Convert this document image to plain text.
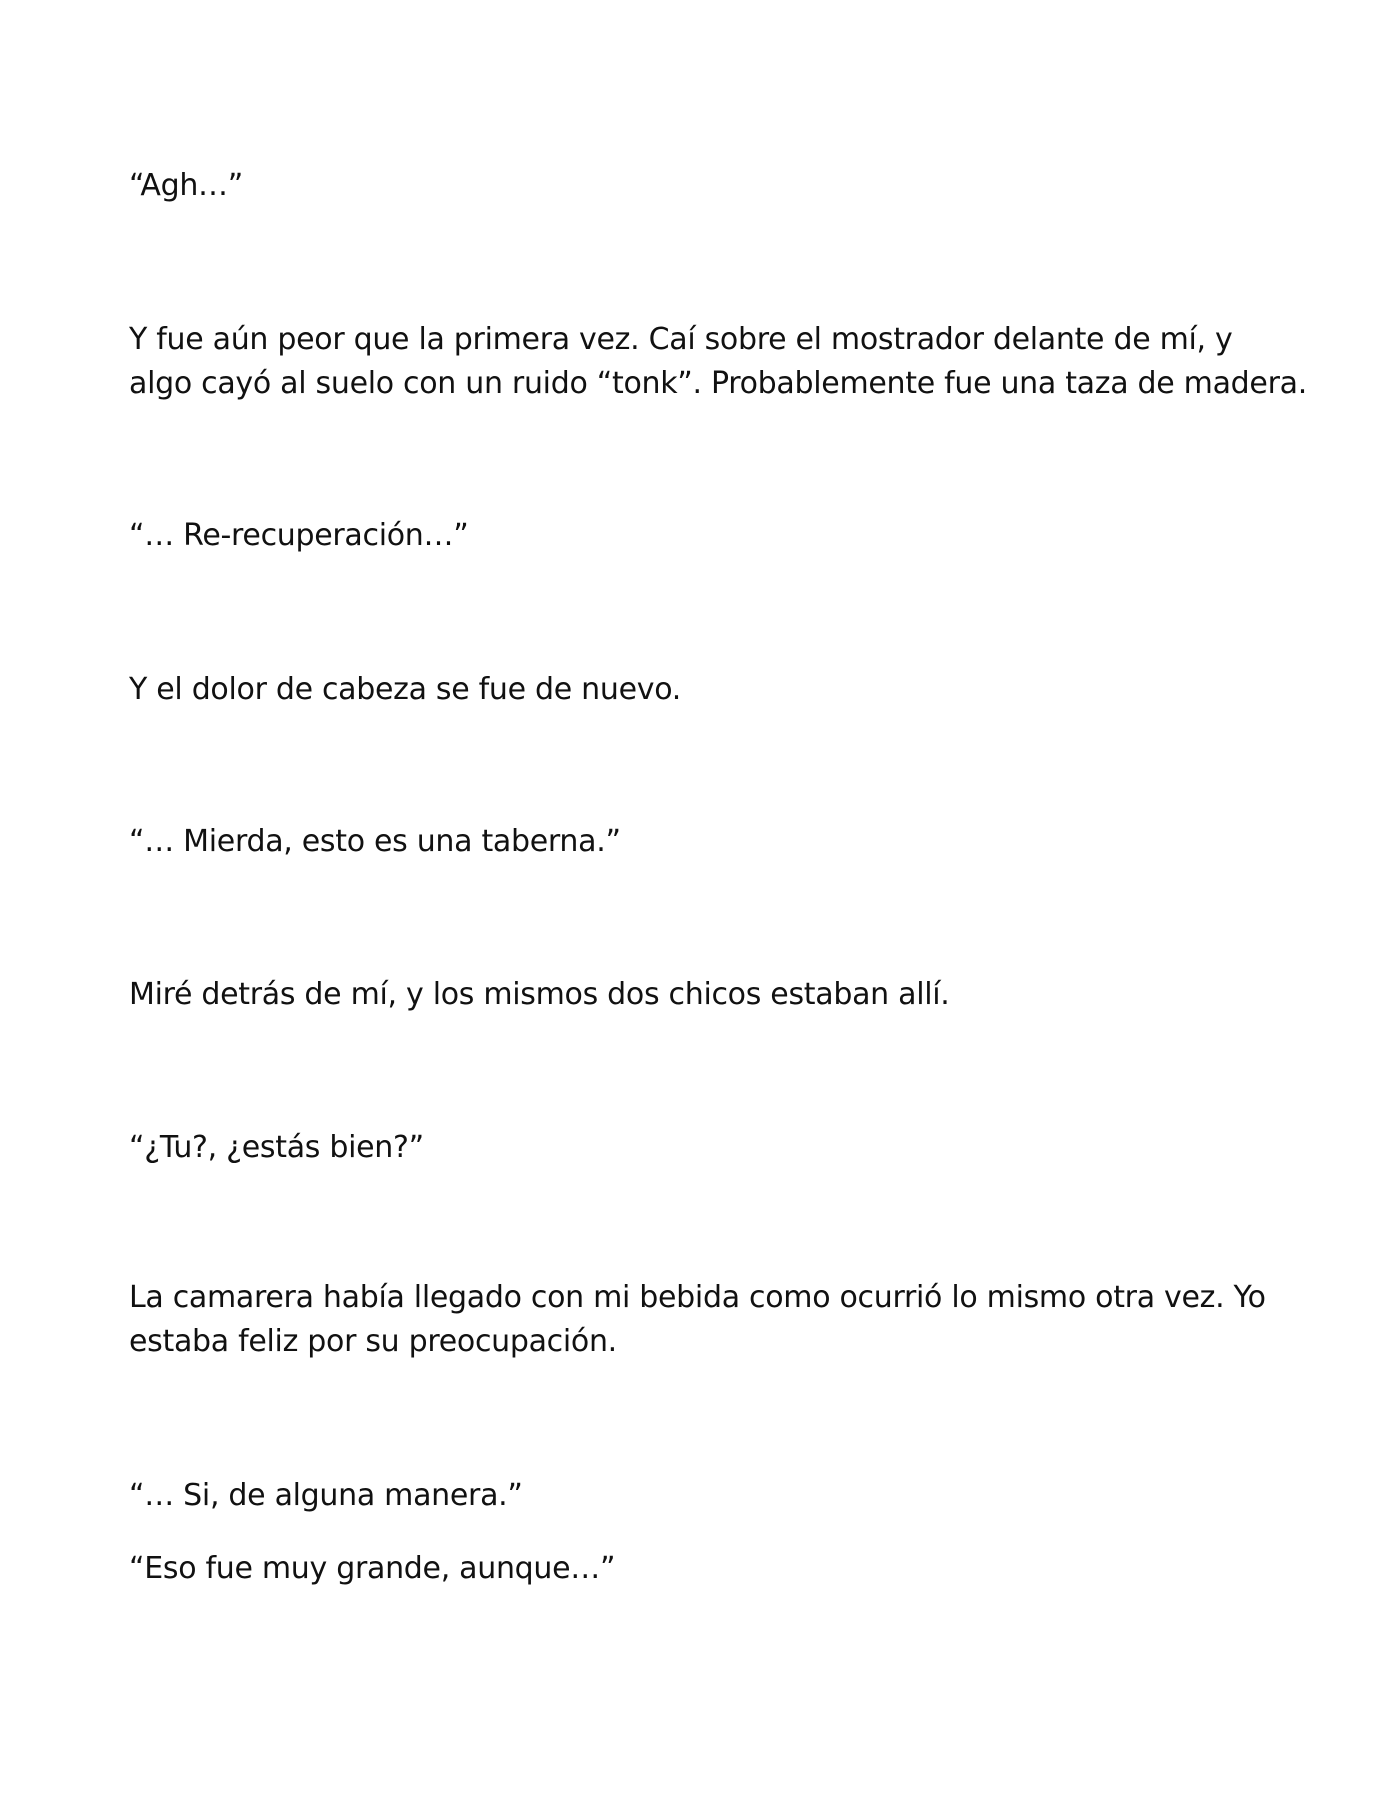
“Agh…”

Y fue aún peor que la primera vez. Caí sobre el mostrador delante de mí, y
algo cayó al suelo con un ruido “tonk”. Probablemente fue una taza de madera.

“… Re-recuperación…”

Y el dolor de cabeza se fue de nuevo.

“… Mierda, esto es una taberna.”

Miré detrás de mí, y los mismos dos chicos estaban allí.

“¿Tu?, ¿estás bien?”

La camarera había llegado con mi bebida como ocurrió lo mismo otra vez. Yo
estaba feliz por su preocupación.

“… Si, de alguna manera.”

“Eso fue muy grande, aunque…”
